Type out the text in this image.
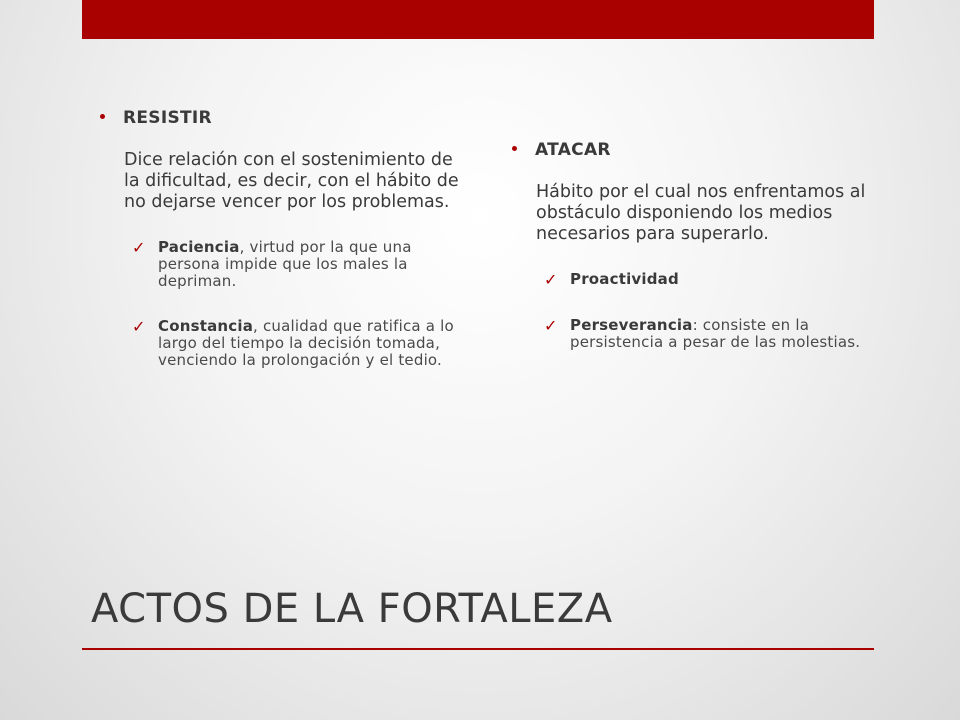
RESISTIR
Dice relación con el sostenimiento de la dificultad, es decir, con el hábito de no dejarse vencer por los problemas.
✓ Paciencia, virtud por la que una persona impide que los males la depriman.
✓ Constancia, cualidad que ratifica a lo largo del tiempo la decisión tomada, venciendo la prolongación y el tedio.
ATACAR
Hábito por el cual nos enfrentamos al obstáculo disponiendo los medios necesarios para superarlo.
✓ Proactividad
✓ Perseverancia: consiste en la persistencia a pesar de las molestias.
ACTOS DE LA FORTALEZA
